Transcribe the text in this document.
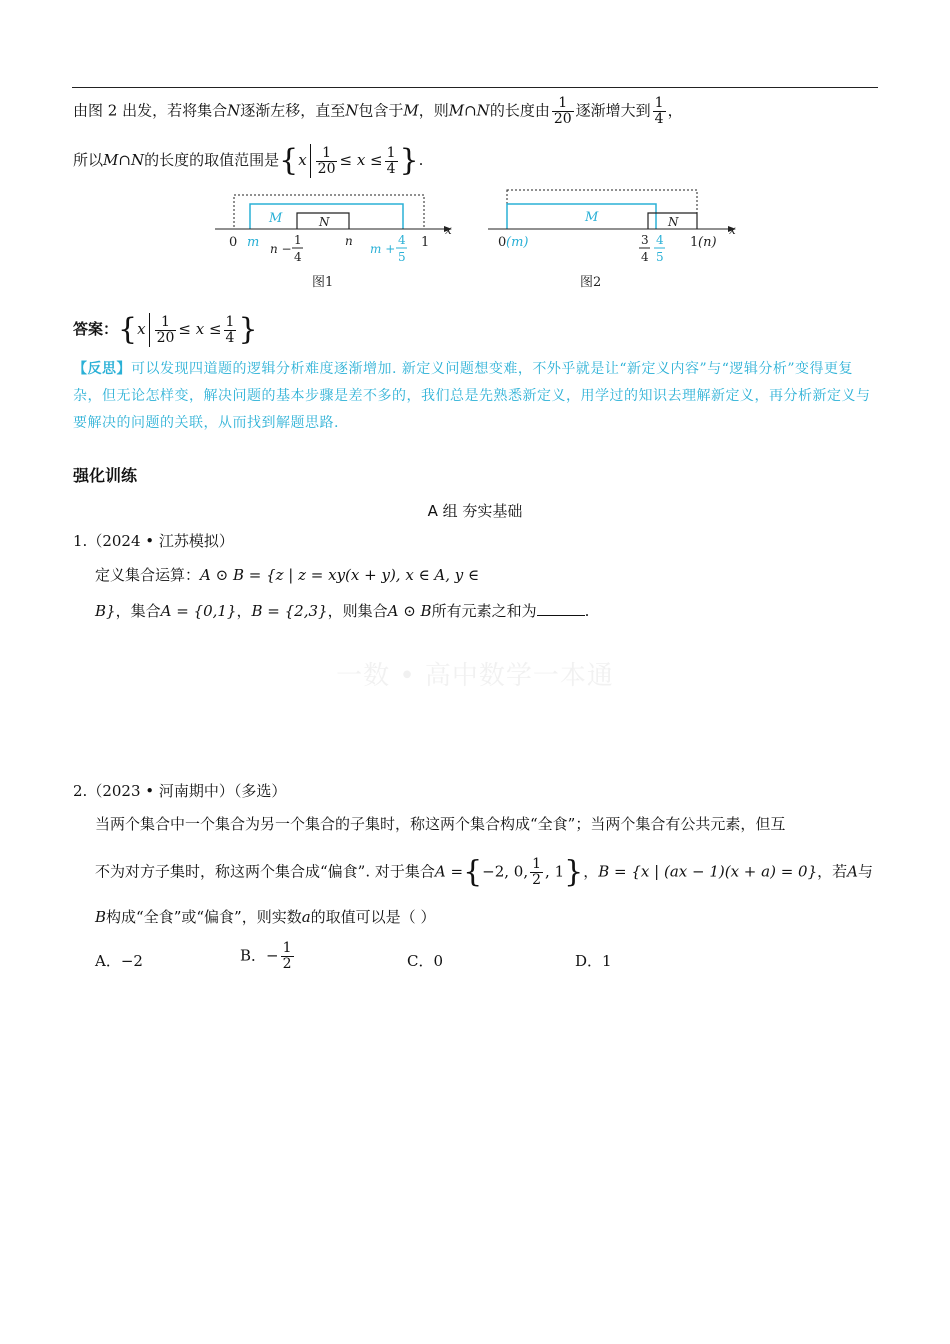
由图 2 出发，若将集合N逐渐左移，直至N包含于M，则M∩N的长度由 $\frac{1}{20}$ 逐渐增大到 $\frac{1}{4}$ ，
所以M∩N的长度的取值范围是{$x \frac{1}{20} \le x \le \frac{1}{4}$ }.
M	N
x
0 m	1
4
n −
n	4
5
m + 1
图1
M	N
x
0 (m)	3
4
4
5
1 (n)
图2
答案：{$x \frac{1}{20} \le x \le \frac{1}{4}$ }
【反思】可以发现四道题的逻辑分析难度逐渐增加. 新定义问题想变难，不外乎就是让“新定义内容”与“逻辑分析”变得更复杂，但无论怎样变，解决问题的基本步骤是差不多的，我们总是先熟悉新定义，用学过的知识去理解新定义，再分析新定义与要解决的问题的关联，从而找到解题思路.
强化训练
A 组 夯实基础
1.（2024 • 江苏模拟）
定义集合运算：A ⊙ B = {z | z = xy(x + y), x ∈ A, y ∈
B}，集合A = {0,1}，B = {2,3}，则集合A ⊙ B所有元素之和为	.
一数 • 高中数学一本通
2.（2023 • 河南期中）（多选）
当两个集合中一个集合为另一个集合的子集时，称这两个集合构成“全食”；当两个集合有公共元素，但互
不为对方子集时，称这两个集合成“偏食”. 对于集合A ={−2, 0, $\frac{1}{2}$ , 1}，B = {x | (ax − 1)(x + a) = 0}，若A与
B构成“全食”或“偏食”，则实数a的取值可以是（ ）
A．−2	B．− $\frac{1}{2}$	C．0	D．1
